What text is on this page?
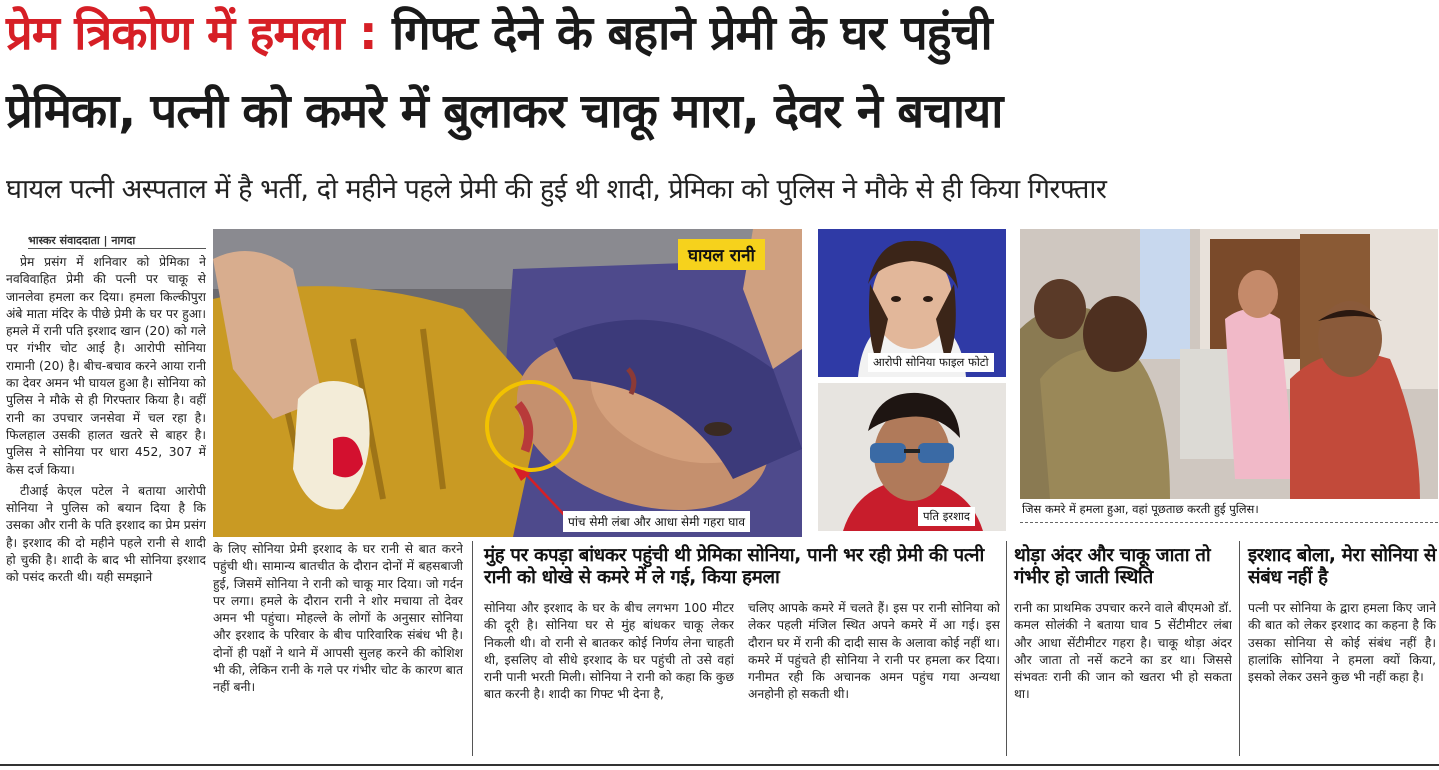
प्रेम त्रिकोण में हमला : गिफ्ट देने के बहाने प्रेमी के घर पहुंची
प्रेमिका, पत्नी को कमरे में बुलाकर चाकू मारा, देवर ने बचाया
घायल पत्नी अस्पताल में है भर्ती, दो महीने पहले प्रेमी की हुई थी शादी, प्रेमिका को पुलिस ने मौके से ही किया गिरफ्तार
भास्कर संवाददाता | नागदा

प्रेम प्रसंग में शनिवार को प्रेमिका ने नवविवाहित प्रेमी की पत्नी पर चाकू से जानलेवा हमला कर दिया। हमला किल्कीपुरा अंबे माता मंदिर के पीछे प्रेमी के घर पर हुआ। हमले में रानी पति इरशाद खान (20) को गले पर गंभीर चोट आई है। आरोपी सोनिया रामानी (20) है। बीच-बचाव करने आया रानी का देवर अमन भी घायल हुआ है। सोनिया को पुलिस ने मौके से ही गिरफ्तार किया है। वहीं रानी का उपचार जनसेवा में चल रहा है। फिलहाल उसकी हालत खतरे से बाहर है। पुलिस ने सोनिया पर धारा 452, 307 में केस दर्ज किया।

टीआई केएल पटेल ने बताया आरोपी सोनिया ने पुलिस को बयान दिया है कि उसका और रानी के पति इरशाद का प्रेम प्रसंग है। इरशाद की दो महीने पहले रानी से शादी हो चुकी है। शादी के बाद भी सोनिया इरशाद को पसंद करती थी। यही समझाने

घायल रानी
पांच सेमी लंबा और आधा सेमी गहरा घाव
आरोपी सोनिया फाइल फोटो
पति इरशाद	जिस कमरे में हमला हुआ, वहां पूछताछ करती हुई पुलिस।
के लिए सोनिया प्रेमी इरशाद के घर रानी से बात करने पहुंची थी। सामान्य बातचीत के दौरान दोनों में बहसबाजी हुई, जिसमें सोनिया ने रानी को चाकू मार दिया। जो गर्दन पर लगा। हमले के दौरान रानी ने शोर मचाया तो देवर अमन भी पहुंचा। मोहल्ले के लोगों के अनुसार सोनिया और इरशाद के परिवार के बीच पारिवारिक संबंध भी है। दोनों ही पक्षों ने थाने में आपसी सुलह करने की कोशिश भी की, लेकिन रानी के गले पर गंभीर चोट के कारण बात नहीं बनी।
मुंह पर कपड़ा बांधकर पहुंची थी प्रेमिका सोनिया, पानी भर रही प्रेमी की पत्नी रानी को धोखे से कमरे में ले गई, किया हमला
सोनिया और इरशाद के घर के बीच लगभग 100 मीटर की दूरी है। सोनिया घर से मुंह बांधकर चाकू लेकर निकली थी। वो रानी से बातकर कोई निर्णय लेना चाहती थी, इसलिए वो सीधे इरशाद के घर पहुंची तो उसे वहां रानी पानी भरती मिली। सोनिया ने रानी को कहा कि कुछ बात करनी है। शादी का गिफ्ट भी देना है,
चलिए आपके कमरे में चलते हैं। इस पर रानी सोनिया को लेकर पहली मंजिल स्थित अपने कमरे में आ गई। इस दौरान घर में रानी की दादी सास के अलावा कोई नहीं था। कमरे में पहुंचते ही सोनिया ने रानी पर हमला कर दिया। गनीमत रही कि अचानक अमन पहुंच गया अन्यथा अनहोनी हो सकती थी।
थोड़ा अंदर और चाकू जाता तो गंभीर हो जाती स्थिति
रानी का प्राथमिक उपचार करने वाले बीएमओ डॉ. कमल सोलंकी ने बताया घाव 5 सेंटीमीटर लंबा और आधा सेंटीमीटर गहरा है। चाकू थोड़ा अंदर और जाता तो नसें कटने का डर था। जिससे संभवतः रानी की जान को खतरा भी हो सकता था।
इरशाद बोला, मेरा सोनिया से संबंध नहीं है
पत्नी पर सोनिया के द्वारा हमला किए जाने की बात को लेकर इरशाद का कहना है कि उसका सोनिया से कोई संबंध नहीं है। हालांकि सोनिया ने हमला क्यों किया, इसको लेकर उसने कुछ भी नहीं कहा है।
